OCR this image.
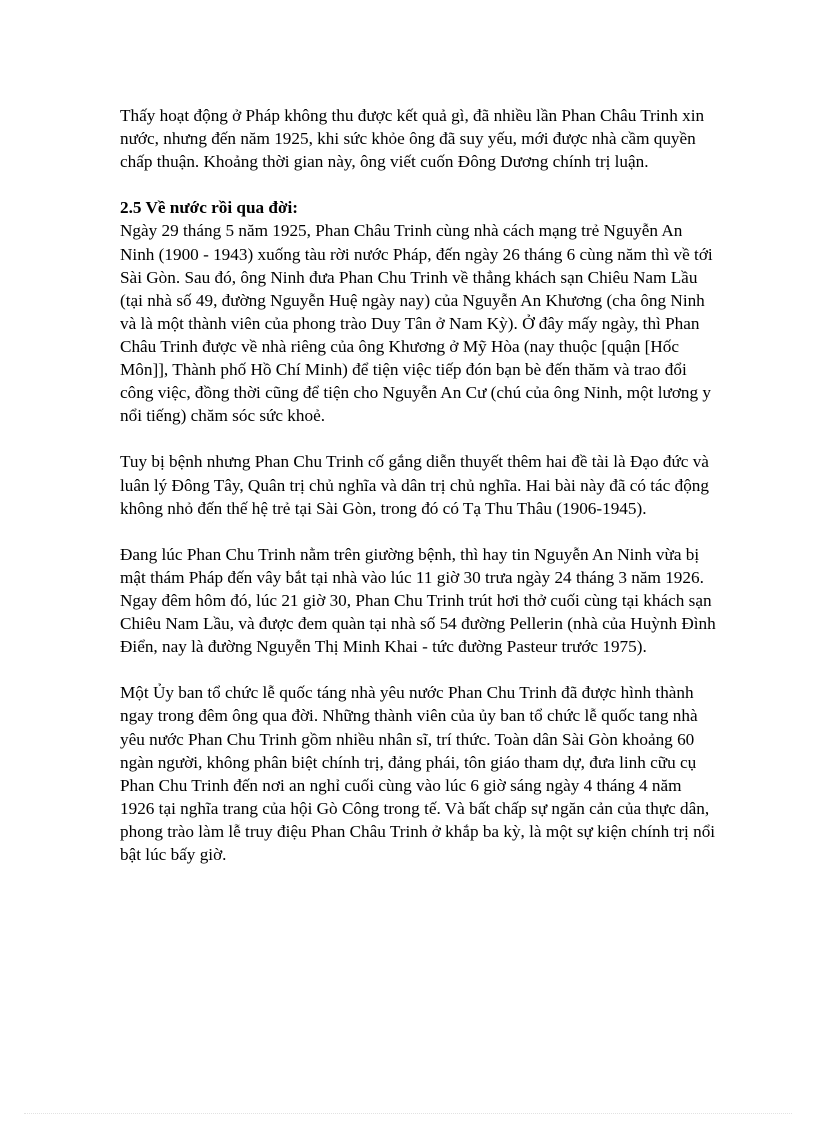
Thấy hoạt động ở Pháp không thu được kết quả gì, đã nhiều lần Phan Châu Trinh xin nước, nhưng đến năm 1925, khi sức khỏe ông đã suy yếu, mới được nhà cầm quyền chấp thuận. Khoảng thời gian này, ông viết cuốn Đông Dương chính trị luận.

2.5 Về nước rồi qua đời:

Ngày 29 tháng 5 năm 1925, Phan Châu Trinh cùng nhà cách mạng trẻ Nguyễn An Ninh (1900 - 1943) xuống tàu rời nước Pháp, đến ngày 26 tháng 6 cùng năm thì về tới Sài Gòn. Sau đó, ông Ninh đưa Phan Chu Trinh về thẳng khách sạn Chiêu Nam Lầu (tại nhà số 49, đường Nguyễn Huệ ngày nay) của Nguyễn An Khương (cha ông Ninh và là một thành viên của phong trào Duy Tân ở Nam Kỳ). Ở đây mấy ngày, thì Phan Châu Trinh được về nhà riêng của ông Khương ở Mỹ Hòa (nay thuộc [quận [Hốc Môn]], Thành phố Hồ Chí Minh) để tiện việc tiếp đón bạn bè đến thăm và trao đổi công việc, đồng thời cũng để tiện cho Nguyễn An Cư (chú của ông Ninh, một lương y nổi tiếng) chăm sóc sức khoẻ.

Tuy bị bệnh nhưng Phan Chu Trinh cố gắng diễn thuyết thêm hai đề tài là Đạo đức và luân lý Đông Tây, Quân trị chủ nghĩa và dân trị chủ nghĩa. Hai bài này đã có tác động không nhỏ đến thế hệ trẻ tại Sài Gòn, trong đó có Tạ Thu Thâu (1906-1945).

Đang lúc Phan Chu Trinh nằm trên giường bệnh, thì hay tin Nguyễn An Ninh vừa bị mật thám Pháp đến vây bắt tại nhà vào lúc 11 giờ 30 trưa ngày 24 tháng 3 năm 1926. Ngay đêm hôm đó, lúc 21 giờ 30, Phan Chu Trinh trút hơi thở cuối cùng tại khách sạn Chiêu Nam Lầu, và được đem quàn tại nhà số 54 đường Pellerin (nhà của Huỳnh Đình Điển, nay là đường Nguyễn Thị Minh Khai - tức đường Pasteur trước 1975).

Một Ủy ban tổ chức lễ quốc táng nhà yêu nước Phan Chu Trinh đã được hình thành ngay trong đêm ông qua đời. Những thành viên của ủy ban tổ chức lễ quốc tang nhà yêu nước Phan Chu Trinh gồm nhiều nhân sĩ, trí thức. Toàn dân Sài Gòn khoảng 60 ngàn người, không phân biệt chính trị, đảng phái, tôn giáo tham dự, đưa linh cữu cụ Phan Chu Trinh đến nơi an nghỉ cuối cùng vào lúc 6 giờ sáng ngày 4 tháng 4 năm 1926 tại nghĩa trang của hội Gò Công trong tế. Và bất chấp sự ngăn cản của thực dân, phong trào làm lễ truy điệu Phan Châu Trinh ở khắp ba kỳ, là một sự kiện chính trị nổi bật lúc bấy giờ.
